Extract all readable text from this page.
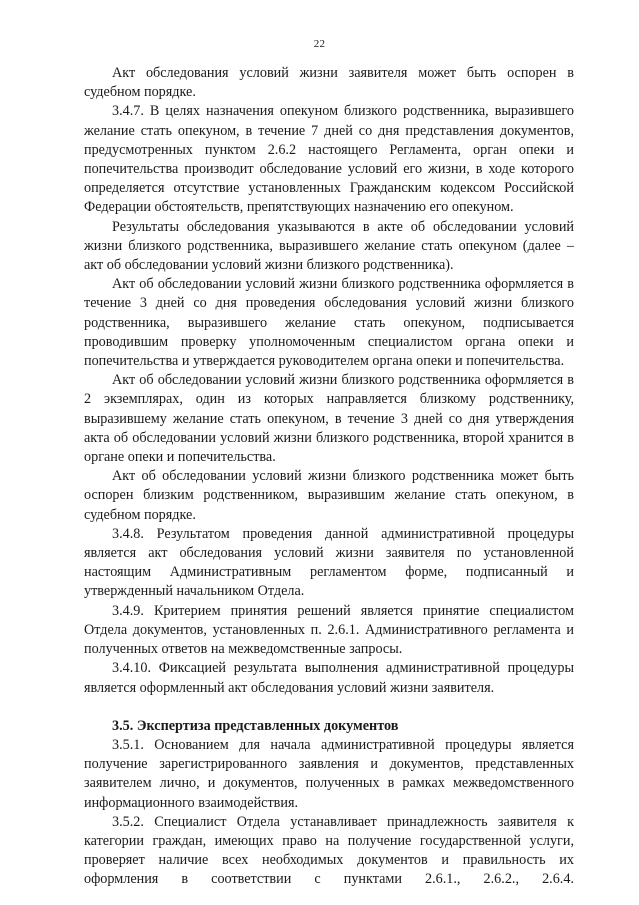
22

Акт обследования условий жизни заявителя может быть оспорен в судебном порядке.

3.4.7. В целях назначения опекуном близкого родственника, выразившего желание стать опекуном, в течение 7 дней со дня представления документов, предусмотренных пунктом 2.6.2 настоящего Регламента, орган опеки и попечительства производит обследование условий его жизни, в ходе которого определяется отсутствие установленных Гражданским кодексом Российской Федерации обстоятельств, препятствующих назначению его опекуном.

Результаты обследования указываются в акте об обследовании условий жизни близкого родственника, выразившего желание стать опекуном (далее – акт об обследовании условий жизни близкого родственника).

Акт об обследовании условий жизни близкого родственника оформляется в течение 3 дней со дня проведения обследования условий жизни близкого родственника, выразившего желание стать опекуном, подписывается проводившим проверку уполномоченным специалистом органа опеки и попечительства и утверждается руководителем органа опеки и попечительства.

Акт об обследовании условий жизни близкого родственника оформляется в 2 экземплярах, один из которых направляется близкому родственнику, выразившему желание стать опекуном, в течение 3 дней со дня утверждения акта об обследовании условий жизни близкого родственника, второй хранится в органе опеки и попечительства.

Акт об обследовании условий жизни близкого родственника может быть оспорен близким родственником, выразившим желание стать опекуном, в судебном порядке.

3.4.8. Результатом проведения данной административной процедуры является акт обследования условий жизни заявителя по установленной настоящим Административным регламентом форме, подписанный и утвержденный начальником Отдела.

3.4.9. Критерием принятия решений является принятие специалистом Отдела документов, установленных п. 2.6.1. Административного регламента и полученных ответов на межведомственные запросы.

3.4.10. Фиксацией результата выполнения административной процедуры является оформленный акт обследования условий жизни заявителя.

3.5. Экспертиза представленных документов

3.5.1. Основанием для начала административной процедуры является получение зарегистрированного заявления и документов, представленных заявителем лично, и документов, полученных в рамках межведомственного информационного взаимодействия.

3.5.2. Специалист Отдела устанавливает принадлежность заявителя к категории граждан, имеющих право на получение государственной услуги, проверяет наличие всех необходимых документов и правильность их оформления в соответствии с пунктами 2.6.1., 2.6.2., 2.6.4.
